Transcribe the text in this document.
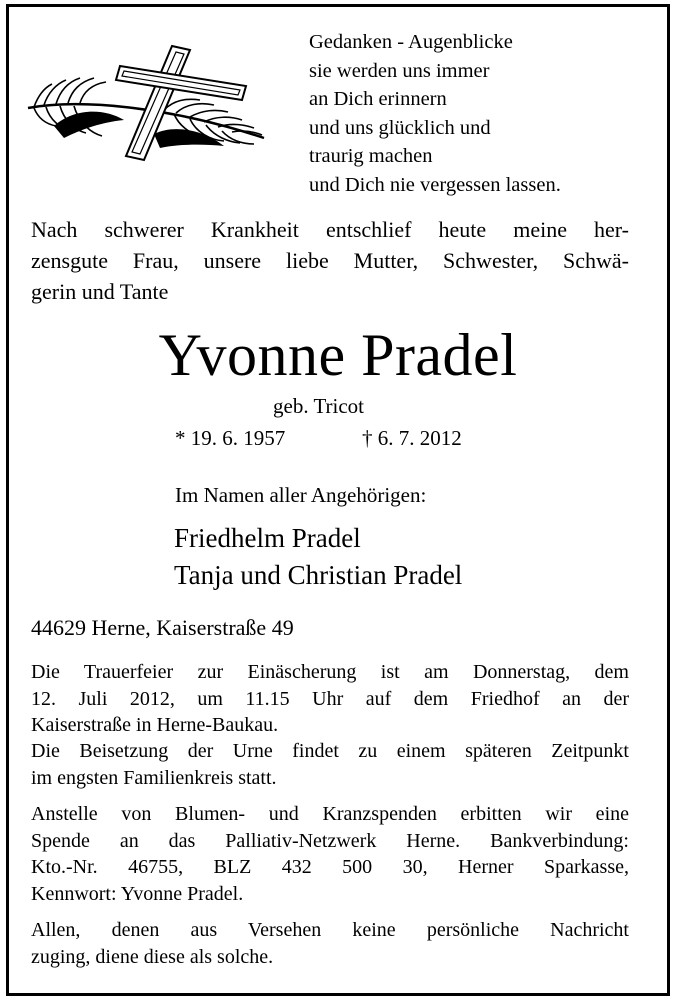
Gedanken - Augenblicke
sie werden uns immer
an Dich erinnern
und uns glücklich und
traurig machen
und Dich nie vergessen lassen.
Nach schwerer Krankheit entschlief heute meine her-
zensgute Frau, unsere liebe Mutter, Schwester, Schwä-
gerin und Tante
Yvonne Pradel
geb. Tricot
* 19. 6. 1957	† 6. 7. 2012
Im Namen aller Angehörigen:
Friedhelm Pradel
Tanja und Christian Pradel
44629 Herne, Kaiserstraße 49
Die Trauerfeier zur Einäscherung ist am Donnerstag, dem
12. Juli 2012, um 11.15 Uhr auf dem Friedhof an der
Kaiserstraße in Herne-Baukau.
Die Beisetzung der Urne findet zu einem späteren Zeitpunkt
im engsten Familienkreis statt.
Anstelle von Blumen- und Kranzspenden erbitten wir eine
Spende an das Palliativ-Netzwerk Herne. Bankverbindung:
Kto.-Nr. 46755, BLZ 432 500 30, Herner Sparkasse,
Kennwort: Yvonne Pradel.
Allen, denen aus Versehen keine persönliche Nachricht
zuging, diene diese als solche.
